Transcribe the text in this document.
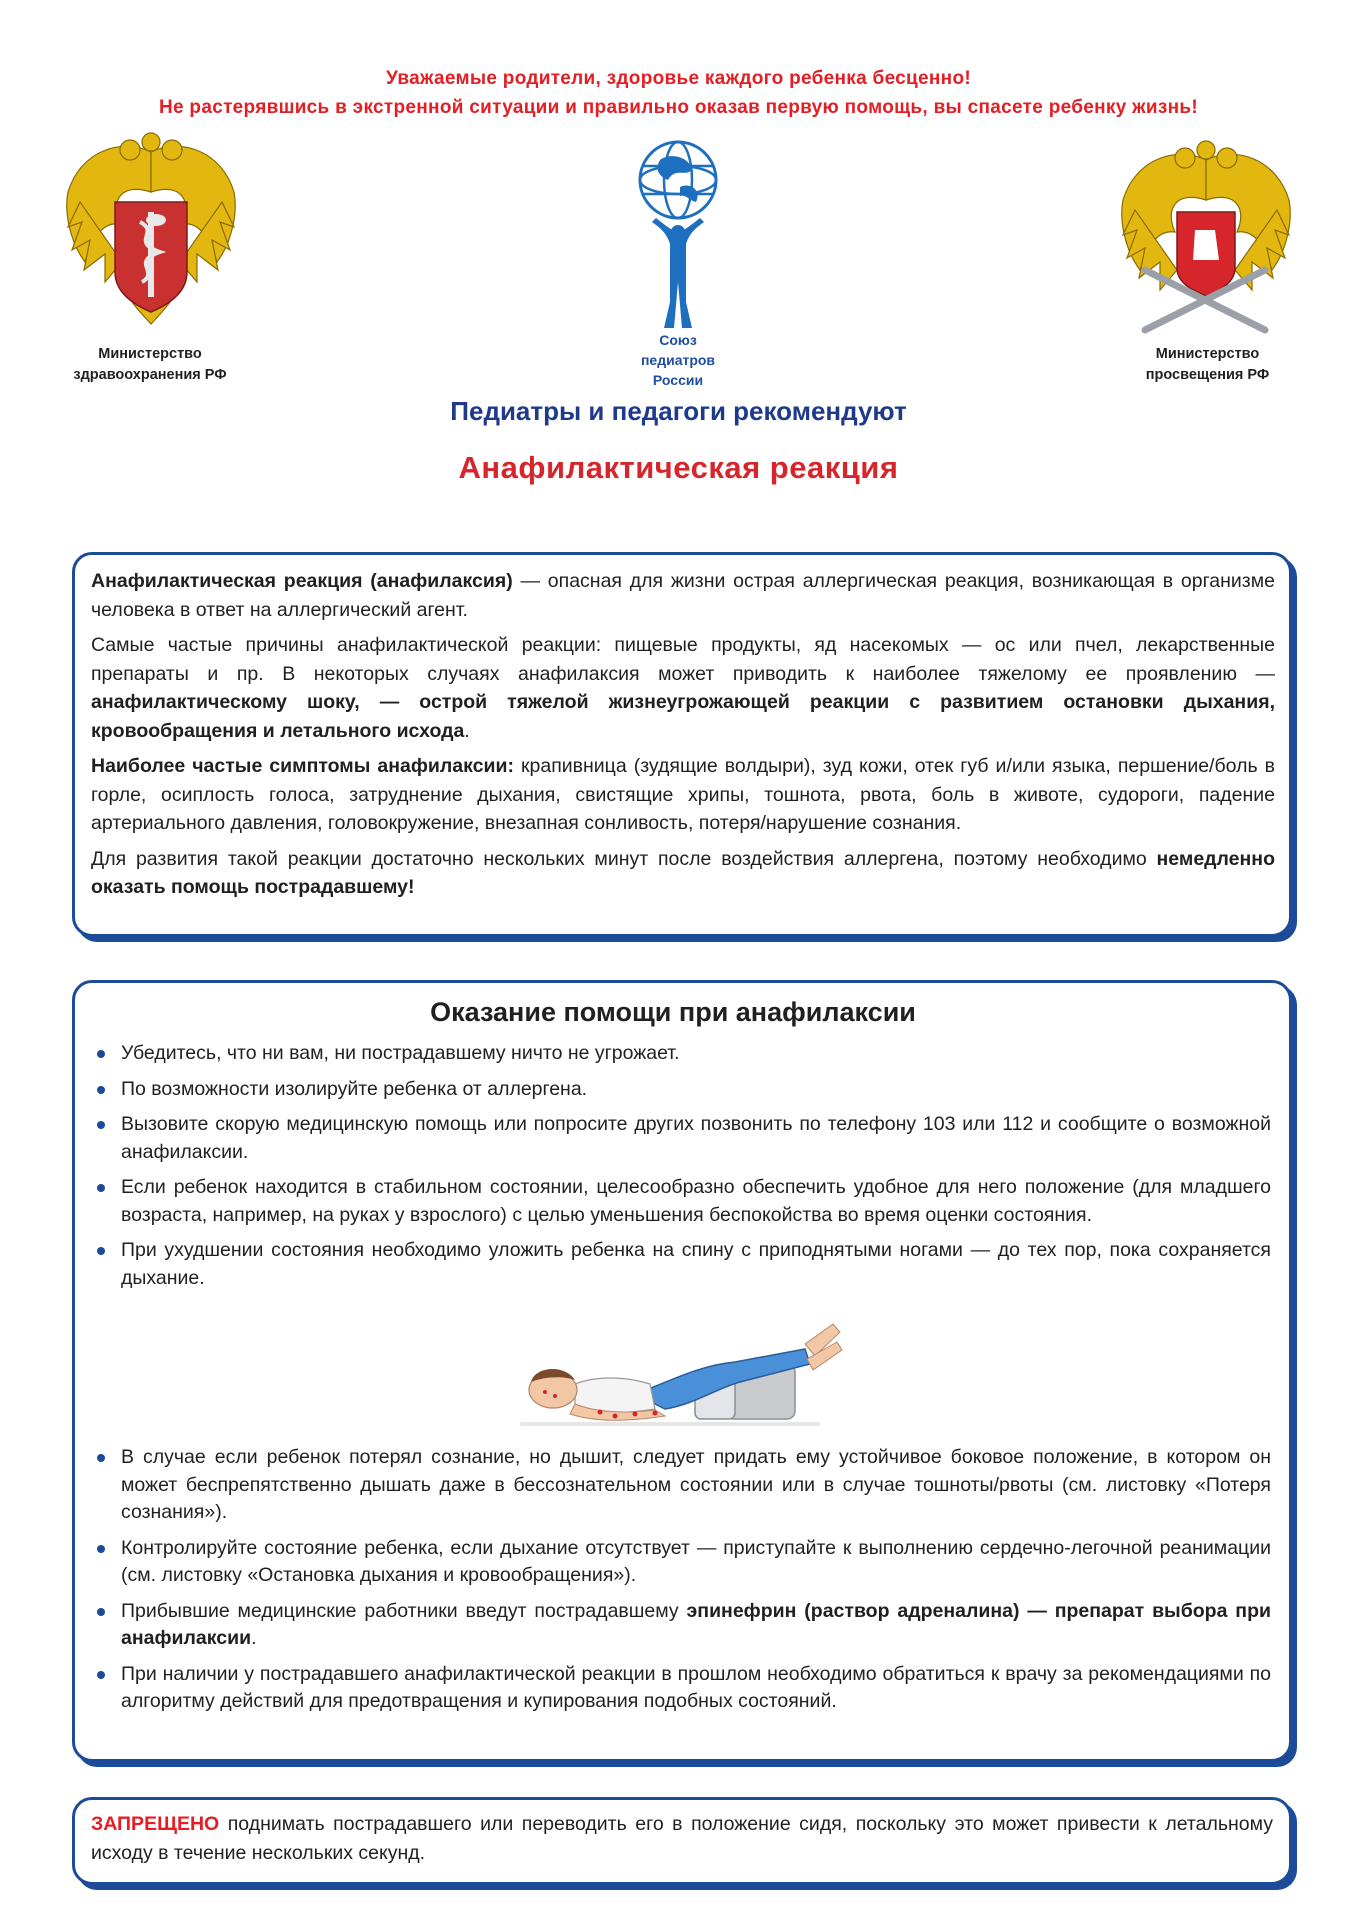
Уважаемые родители, здоровье каждого ребенка бесценно!
Не растерявшись в экстренной ситуации и правильно оказав первую помощь, вы спасете ребенку жизнь!
Министерство
здравоохранения РФ
Союз
педиатров
России
Министерство
просвещения РФ
Педиатры и педагоги рекомендуют
Анафилактическая реакция

Анафилактическая реакция (анафилаксия) — опасная для жизни острая аллергическая реакция, возникающая в организме человека в ответ на аллергический агент.

Самые частые причины анафилактической реакции: пищевые продукты, яд насекомых — ос или пчел, лекарственные препараты и пр. В некоторых случаях анафилаксия может приводить к наиболее тяжелому ее проявлению — анафилактическому шоку, — острой тяжелой жизнеугрожающей реакции с развитием остановки дыхания, кровообращения и летального исхода.

Наиболее частые симптомы анафилаксии: крапивница (зудящие волдыри), зуд кожи, отек губ и/или языка, першение/боль в горле, осиплость голоса, затруднение дыхания, свистящие хрипы, тошнота, рвота, боль в животе, судороги, падение артериального давления, головокружение, внезапная сонливость, потеря/нарушение сознания.

Для развития такой реакции достаточно нескольких минут после воздействия аллергена, поэтому необходимо немедленно оказать помощь пострадавшему!

Оказание помощи при анафилаксии
Убедитесь, что ни вам, ни пострадавшему ничто не угрожает.
По возможности изолируйте ребенка от аллергена.
Вызовите скорую медицинскую помощь или попросите других позвонить по телефону 103 или 112 и сообщите о возможной анафилаксии.
Если ребенок находится в стабильном состоянии, целесообразно обеспечить удобное для него положение (для младшего возраста, например, на руках у взрослого) с целью уменьшения беспокойства во время оценки состояния.
При ухудшении состояния необходимо уложить ребенка на спину с приподнятыми ногами — до тех пор, пока сохраняется дыхание.
В случае если ребенок потерял сознание, но дышит, следует придать ему устойчивое боковое положение, в котором он может беспрепятственно дышать даже в бессознательном состоянии или в случае тошноты/рвоты (см. листовку «Потеря сознания»).
Контролируйте состояние ребенка, если дыхание отсутствует — приступайте к выполнению сердечно-легочной реанимации (см. листовку «Остановка дыхания и кровообращения»).
Прибывшие медицинские работники введут пострадавшему эпинефрин (раствор адреналина) — препарат выбора при анафилаксии.
При наличии у пострадавшего анафилактической реакции в прошлом необходимо обратиться к врачу за рекомендациями по алгоритму действий для предотвращения и купирования подобных состояний.
ЗАПРЕЩЕНО поднимать пострадавшего или переводить его в положение сидя, поскольку это может привести к летальному исходу в течение нескольких секунд.
